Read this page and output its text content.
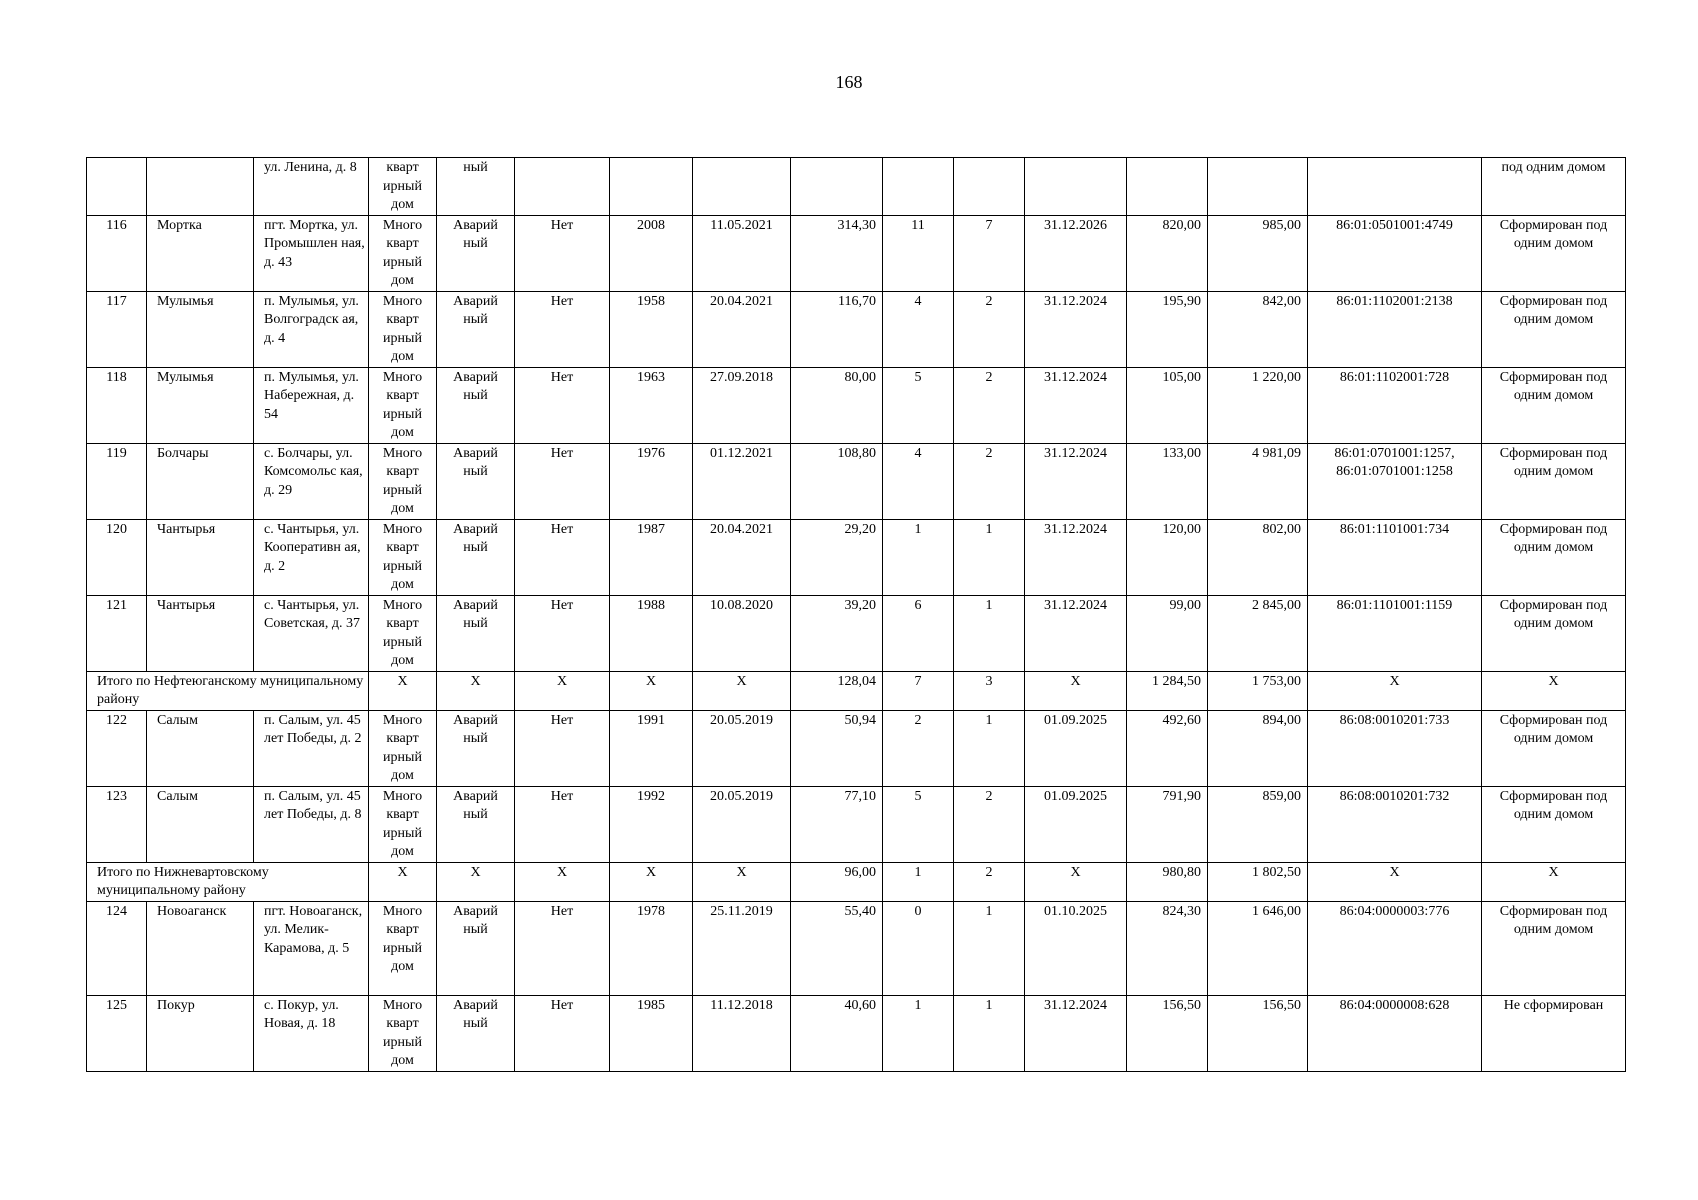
168
		ул. Ленина, д. 8	кварт ирный дом	ный											под одним домом
116	Мортка	пгт. Мортка, ул. Промышлен ная, д. 43	Много кварт ирный дом	Аварий ный	Нет	2008	11.05.2021	314,30	11	7	31.12.2026	820,00	985,00	86:01:0501001:4749	Сформирован под одним домом
117	Мулымья	п. Мулымья, ул. Волгоградск ая, д. 4	Много кварт ирный дом	Аварий ный	Нет	1958	20.04.2021	116,70	4	2	31.12.2024	195,90	842,00	86:01:1102001:2138	Сформирован под одним домом
118	Мулымья	п. Мулымья, ул. Набережная, д. 54	Много кварт ирный дом	Аварий ный	Нет	1963	27.09.2018	80,00	5	2	31.12.2024	105,00	1 220,00	86:01:1102001:728	Сформирован под одним домом
119	Болчары	с. Болчары, ул. Комсомольс кая, д. 29	Много кварт ирный дом	Аварий ный	Нет	1976	01.12.2021	108,80	4	2	31.12.2024	133,00	4 981,09	86:01:0701001:1257, 86:01:0701001:1258	Сформирован под одним домом
120	Чантырья	с. Чантырья, ул. Кооперативн ая, д. 2	Много кварт ирный дом	Аварий ный	Нет	1987	20.04.2021	29,20	1	1	31.12.2024	120,00	802,00	86:01:1101001:734	Сформирован под одним домом
121	Чантырья	с. Чантырья, ул. Советская, д. 37	Много кварт ирный дом	Аварий ный	Нет	1988	10.08.2020	39,20	6	1	31.12.2024	99,00	2 845,00	86:01:1101001:1159	Сформирован под одним домом
Итого по Нефтеюганскому муниципальному району			Х	Х	Х	Х	Х	128,04	7	3	Х	1 284,50	1 753,00	Х	Х
122	Салым	п. Салым, ул. 45 лет Победы, д. 2	Много кварт ирный дом	Аварий ный	Нет	1991	20.05.2019	50,94	2	1	01.09.2025	492,60	894,00	86:08:0010201:733	Сформирован под одним домом
123	Салым	п. Салым, ул. 45 лет Победы, д. 8	Много кварт ирный дом	Аварий ный	Нет	1992	20.05.2019	77,10	5	2	01.09.2025	791,90	859,00	86:08:0010201:732	Сформирован под одним домом
Итого по Нижневартовскому муниципальному району			Х	Х	Х	Х	Х	96,00	1	2	Х	980,80	1 802,50	Х	Х
124	Новоаганск	пгт. Новоаганск, ул. Мелик-Карамова, д. 5	Много кварт ирный дом	Аварий ный	Нет	1978	25.11.2019	55,40	0	1	01.10.2025	824,30	1 646,00	86:04:0000003:776	Сформирован под одним домом
125	Покур	с. Покур, ул. Новая, д. 18	Много кварт ирный дом	Аварий ный	Нет	1985	11.12.2018	40,60	1	1	31.12.2024	156,50	156,50	86:04:0000008:628	Не сформирован
